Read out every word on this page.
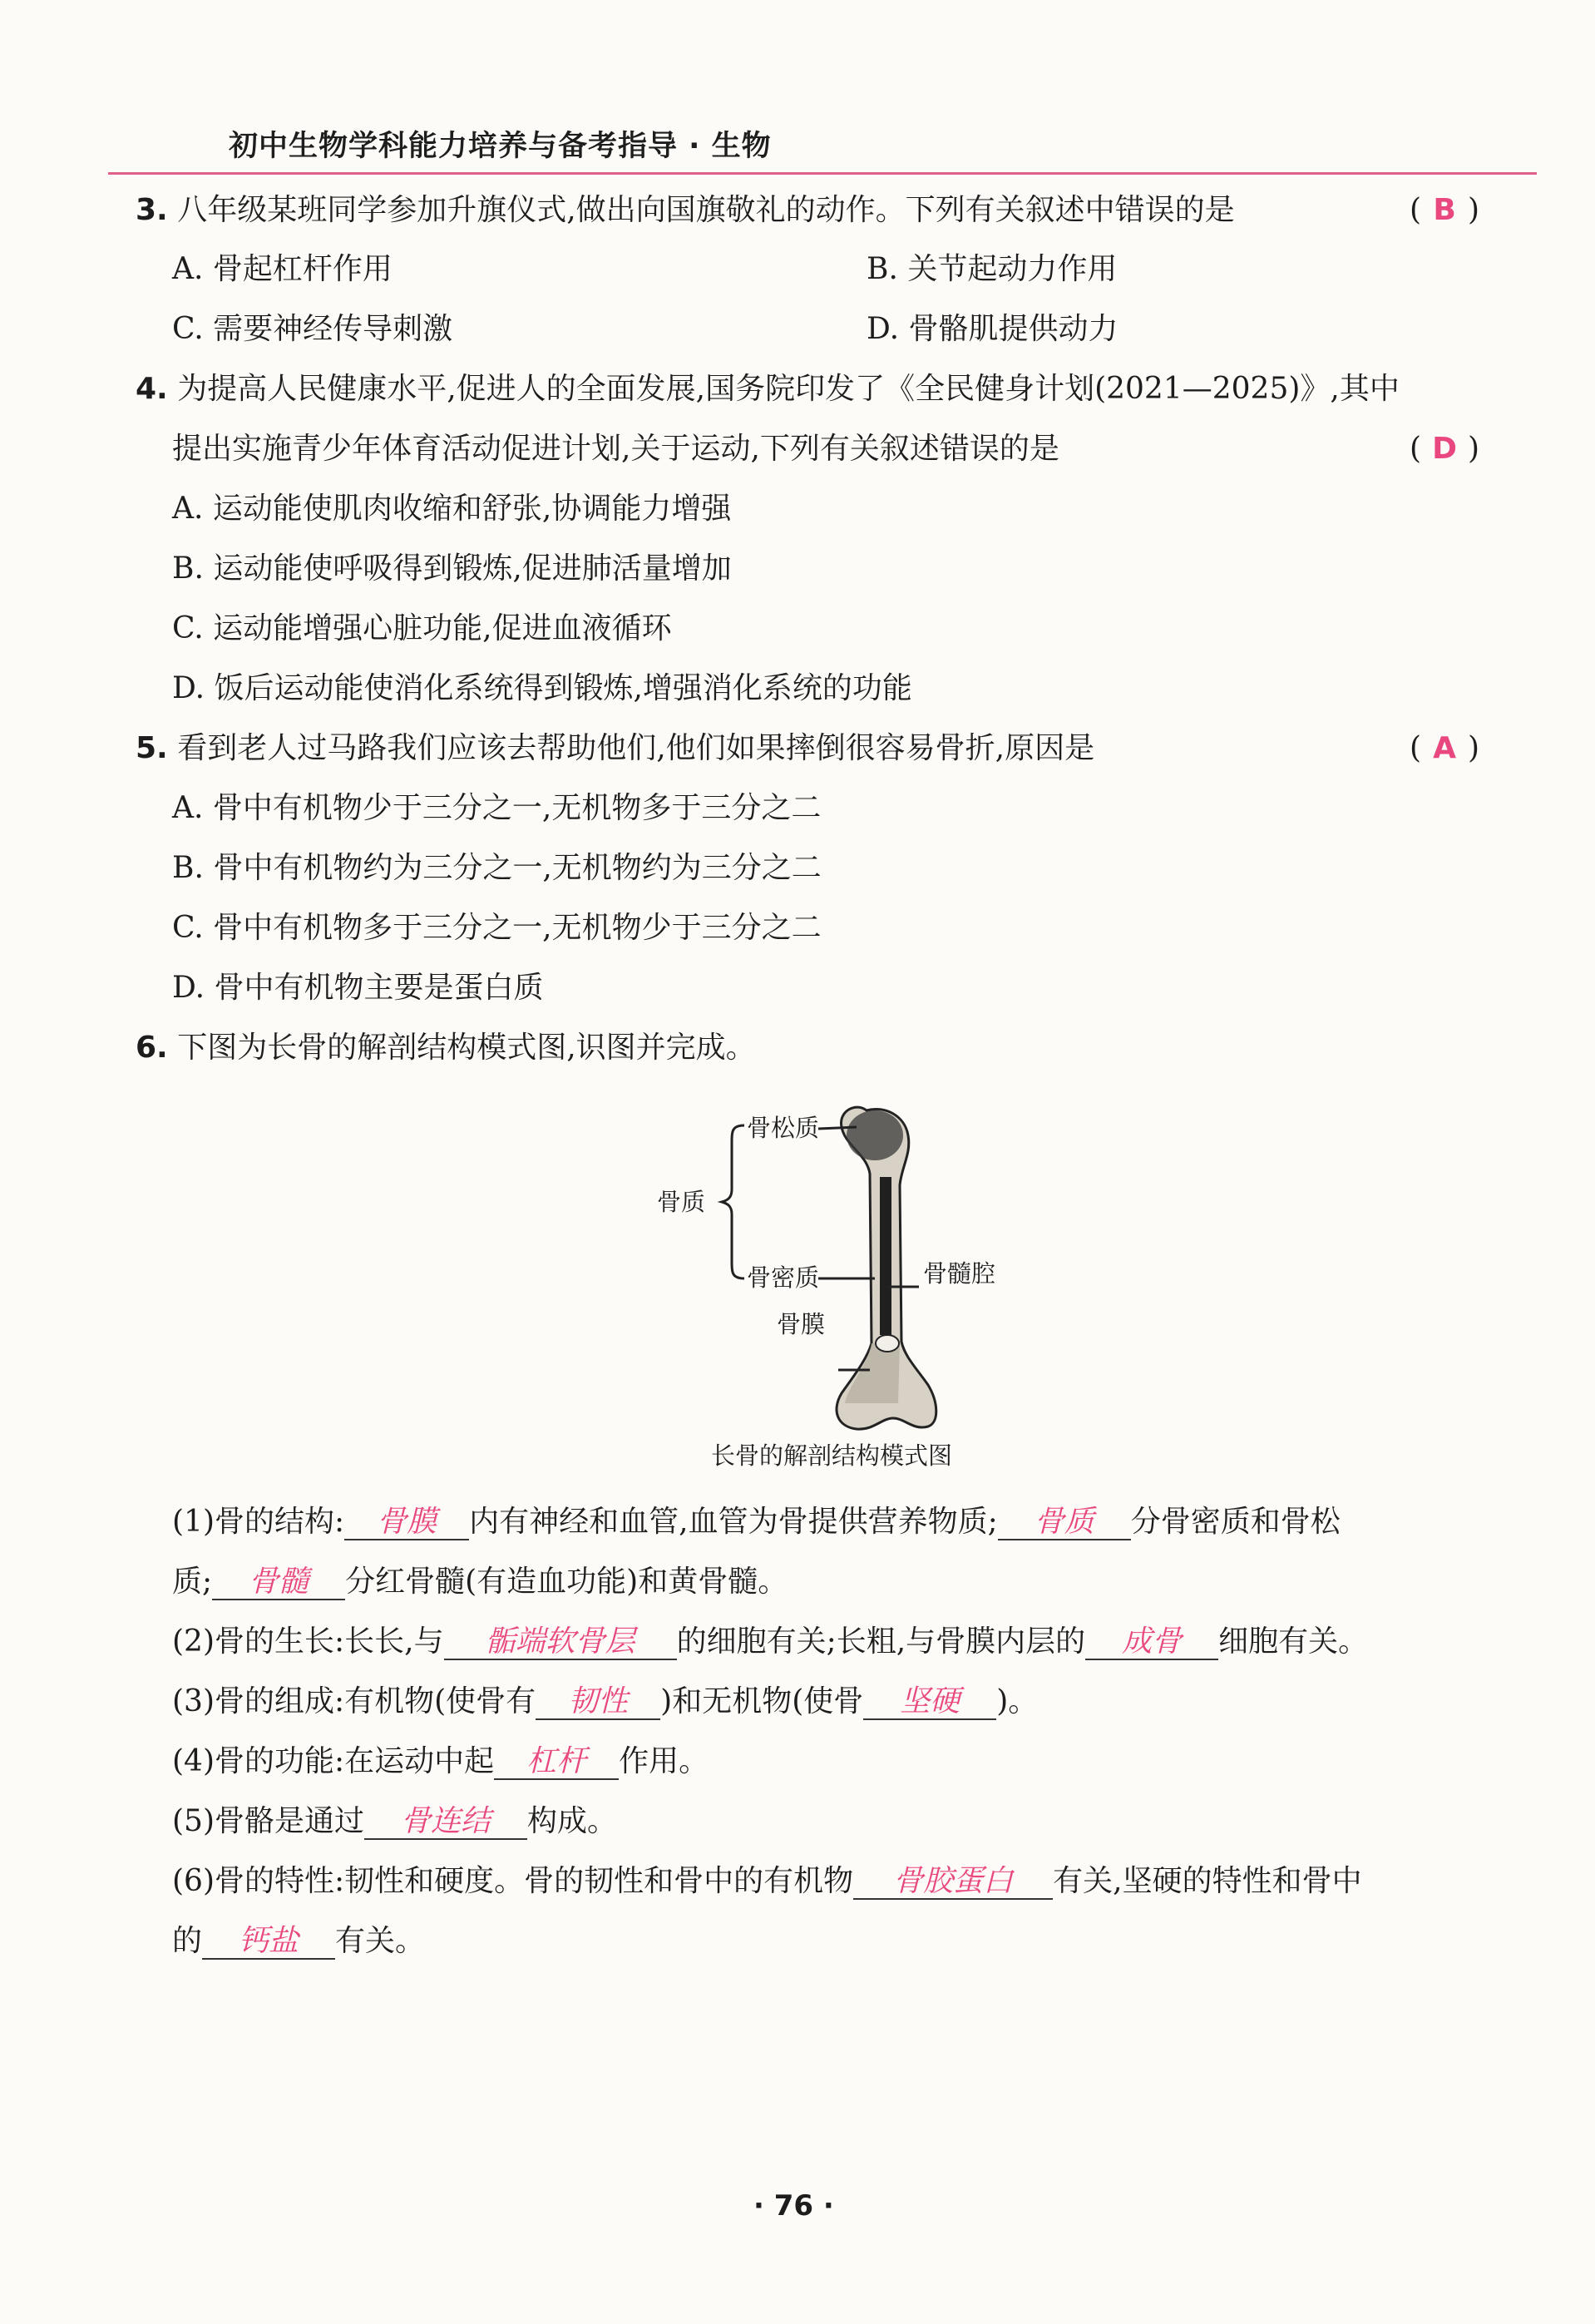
初中生物学科能力培养与备考指导 · 生物
3. 八年级某班同学参加升旗仪式,做出向国旗敬礼的动作。下列有关叙述中错误的是	( B )
A. 骨起杠杆作用	B. 关节起动力作用
C. 需要神经传导刺激	D. 骨骼肌提供动力
4. 为提高人民健康水平,促进人的全面发展,国务院印发了《全民健身计划(2021—2025)》,其中
提出实施青少年体育活动促进计划,关于运动,下列有关叙述错误的是	( D )
A. 运动能使肌肉收缩和舒张,协调能力增强
B. 运动能使呼吸得到锻炼,促进肺活量增加
C. 运动能增强心脏功能,促进血液循环
D. 饭后运动能使消化系统得到锻炼,增强消化系统的功能
5. 看到老人过马路我们应该去帮助他们,他们如果摔倒很容易骨折,原因是	( A )
A. 骨中有机物少于三分之一,无机物多于三分之二
B. 骨中有机物约为三分之一,无机物约为三分之二
C. 骨中有机物多于三分之一,无机物少于三分之二
D. 骨中有机物主要是蛋白质
6. 下图为长骨的解剖结构模式图,识图并完成。
骨松质
骨质
骨密质	骨髓腔
骨膜
长骨的解剖结构模式图
(1)骨的结构: 骨膜 内有神经和血管,血管为骨提供营养物质; 骨质 分骨密质和骨松
质; 骨髓 分红骨髓(有造血功能)和黄骨髓。
(2)骨的生长:长长,与 骺端软骨层 的细胞有关;长粗,与骨膜内层的 成骨 细胞有关。
(3)骨的组成:有机物(使骨有 韧性 )和无机物(使骨 坚硬 )。
(4)骨的功能:在运动中起 杠杆 作用。
(5)骨骼是通过 骨连结 构成。
(6)骨的特性:韧性和硬度。骨的韧性和骨中的有机物 骨胶蛋白 有关,坚硬的特性和骨中
的 钙盐 有关。
· 76 ·
